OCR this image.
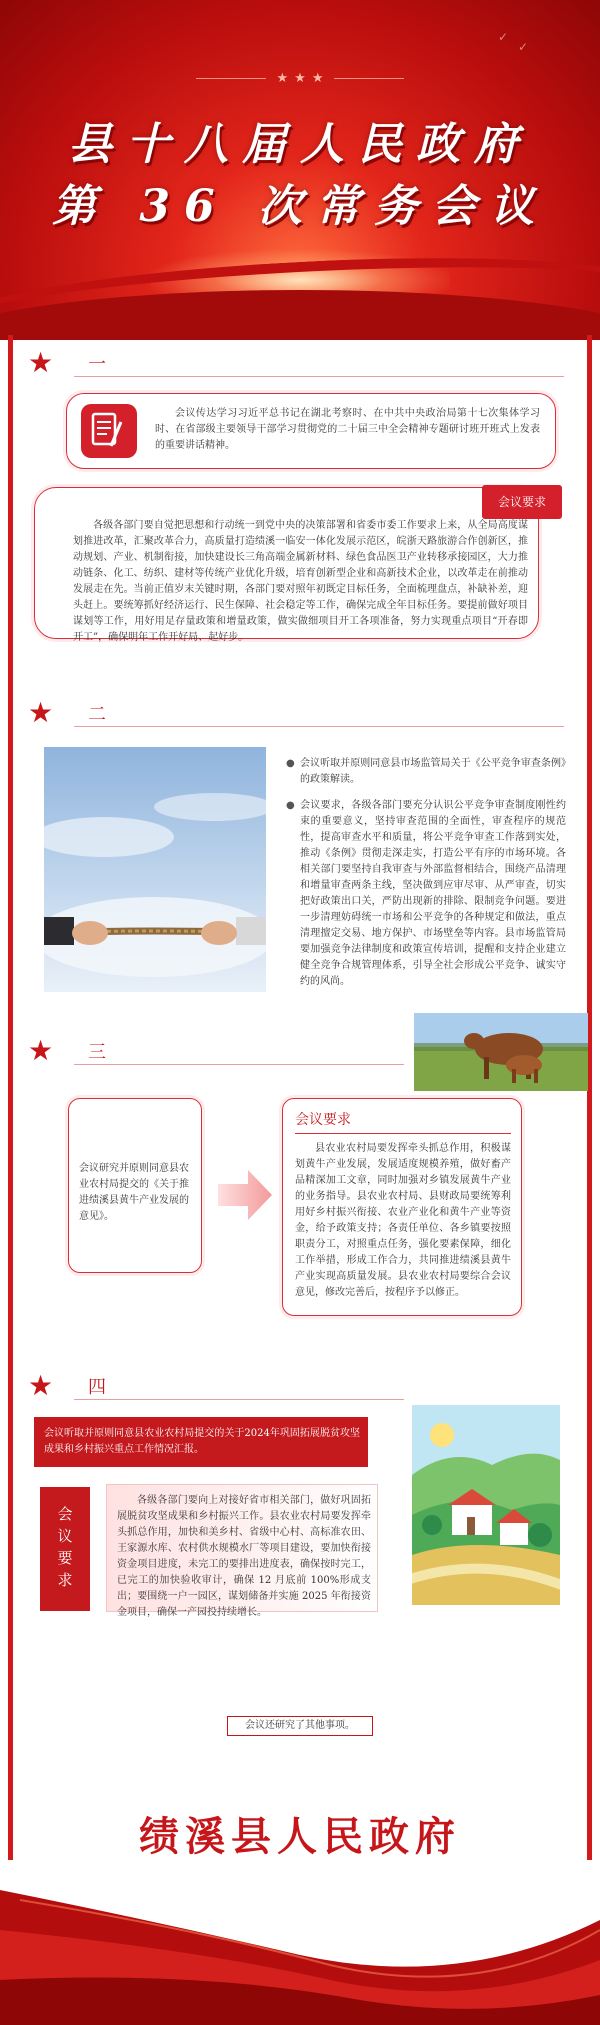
✓
✓
★ ★ ★
县十八届人民政府
第 36 次常务会议
★ 一
会议传达学习习近平总书记在湖北考察时、在中共中央政治局第十七次集体学习时、在省部级主要领导干部学习贯彻党的二十届三中全会精神专题研讨班开班式上发表的重要讲话精神。
各级各部门要自觉把思想和行动统一到党中央的决策部署和省委市委工作要求上来，从全局高度谋划推进改革，汇聚改革合力，高质量打造绩溪一临安一体化发展示范区，皖浙天路旅游合作创新区，推动规划、产业、机制衔接，加快建设长三角高端金属新材料、绿色食品医卫产业转移承接园区，大力推动链条、化工、纺织、建材等传统产业优化升级，培育创新型企业和高新技术企业，以改革走在前推动发展走在先。当前正值岁末关键时期，各部门要对照年初既定目标任务，全面梳理盘点，补缺补差，迎头赶上。要统筹抓好经济运行、民生保障、社会稳定等工作，确保完成全年目标任务。要提前做好项目谋划等工作，用好用足存量政策和增量政策，做实做细项目开工各项准备，努力实现重点项目“开春即开工”，确保明年工作开好局、起好步。
会议要求
★ 二
● 会议听取并原则同意县市场监管局关于《公平竞争审查条例》的政策解读。
● 会议要求，各级各部门要充分认识公平竞争审查制度刚性约束的重要意义，坚持审查范围的全面性，审查程序的规范性，提高审查水平和质量，将公平竞争审查工作落到实处，推动《条例》贯彻走深走实，打造公平有序的市场环境。各相关部门要坚持自我审查与外部监督相结合，围绕产品清理和增量审查两条主线，坚决做到应审尽审、从严审查，切实把好政策出口关，严防出现新的排除、限制竞争问题。要进一步清理妨碍统一市场和公平竞争的各种规定和做法，重点清理擅定交易、地方保护、市场壁垒等内容。县市场监管局要加强竞争法律制度和政策宣传培训，提醒和支持企业建立健全竞争合规管理体系，引导全社会形成公平竞争、诚实守约的风尚。
★ 三
会议研究并原则同意县农业农村局提交的《关于推进绩溪县黄牛产业发展的意见》。
会议要求
县农业农村局要发挥牵头抓总作用，积极谋划黄牛产业发展，发展适度规模养殖，做好畜产品精深加工文章，同时加强对乡镇发展黄牛产业的业务指导。县农业农村局、县财政局要统筹利用好乡村振兴衔接、农业产业化和黄牛产业等资金，给予政策支持；各责任单位、各乡镇要按照职责分工，对照重点任务，强化要素保障，细化工作举措，形成工作合力，共同推进绩溪县黄牛产业实现高质量发展。县农业农村局要综合会议意见，修改完善后，按程序予以修正。
★ 四
会议听取并原则同意县农业农村局提交的关于2024年巩固拓展脱贫攻坚成果和乡村振兴重点工作情况汇报。
会
议
要
求
各级各部门要向上对接好省市相关部门，做好巩固拓展脱贫攻坚成果和乡村振兴工作。县农业农村局要发挥牵头抓总作用，加快和美乡村、省级中心村、高标准农田、王家源水库、农村供水规模水厂等项目建设，要加快衔接资金项目进度，未完工的要排出进度表，确保按时完工，已完工的加快验收审计，确保 12 月底前 100%形成支出；要围绕一户一园区，谋划储备并实施 2025 年衔接资金项目，确保一产园投持续增长。
会议还研究了其他事项。
绩溪县人民政府
